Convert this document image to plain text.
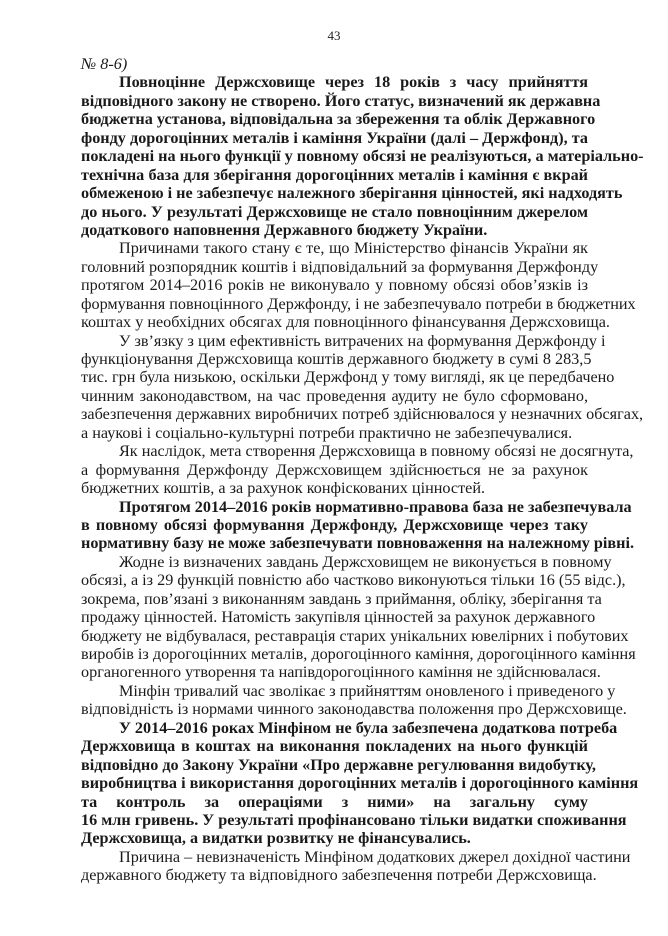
43

№ 8-6)

Повноцінне Держсховище через 18 років з часу прийняття
відповідного закону не створено. Його статус, визначений як державна
бюджетна установа, відповідальна за збереження та облік Державного
фонду дорогоцінних металів і каміння України (далі – Держфонд), та
покладені на нього функції у повному обсязі не реалізуються, а матеріально-
технічна база для зберігання дорогоцінних металів і каміння є вкрай
обмеженою і не забезпечує належного зберігання цінностей, які надходять
до нього. У результаті Держсховище не стало повноцінним джерелом
додаткового наповнення Державного бюджету України.

Причинами такого стану є те, що Міністерство фінансів України як
головний розпорядник коштів і відповідальний за формування Держфонду
протягом 2014–2016 років не виконувало у повному обсязі обов’язків із
формування повноцінного Держфонду, і не забезпечувало потреби в бюджетних
коштах у необхідних обсягах для повноцінного фінансування Держсховища.

У зв’язку з цим ефективність витрачених на формування Держфонду і
функціонування Держсховища коштів державного бюджету в сумі 8 283,5
тис. грн була низькою, оскільки Держфонд у тому вигляді, як це передбачено
чинним законодавством, на час проведення аудиту не було сформовано,
забезпечення державних виробничих потреб здійснювалося у незначних обсягах,
а наукові і соціально-культурні потреби практично не забезпечувалися.

Як наслідок, мета створення Держсховища в повному обсязі не досягнута,
а формування Держфонду Держсховищем здійснюється не за рахунок
бюджетних коштів, а за рахунок конфіскованих цінностей.

Протягом 2014–2016 років нормативно-правова база не забезпечувала
в повному обсязі формування Держфонду, Держсховище через таку
нормативну базу не може забезпечувати повноваження на належному рівні.

Жодне із визначених завдань Держсховищем не виконується в повному
обсязі, а із 29 функцій повністю або частково виконуються тільки 16 (55 відс.),
зокрема, пов’язані з виконанням завдань з приймання, обліку, зберігання та
продажу цінностей. Натомість закупівля цінностей за рахунок державного
бюджету не відбувалася, реставрація старих унікальних ювелірних і побутових
виробів із дорогоцінних металів, дорогоцінного каміння, дорогоцінного каміння
органогенного утворення та напівдорогоцінного каміння не здійснювалася.

Мінфін тривалий час зволікає з прийняттям оновленого і приведеного у
відповідність із нормами чинного законодавства положення про Держсховище.

У 2014–2016 роках Мінфіном не була забезпечена додаткова потреба
Держховища в коштах на виконання покладених на нього функцій
відповідно до Закону України «Про державне регулювання видобутку,
виробництва і використання дорогоцінних металів і дорогоцінного каміння
та контроль за операціями з ними» на загальну суму
16 млн гривень. У результаті профінансовано тільки видатки споживання
Держсховища, а видатки розвитку не фінансувались.

Причина – невизначеність Мінфіном додаткових джерел дохідної частини
державного бюджету та відповідного забезпечення потреби Держсховища.
